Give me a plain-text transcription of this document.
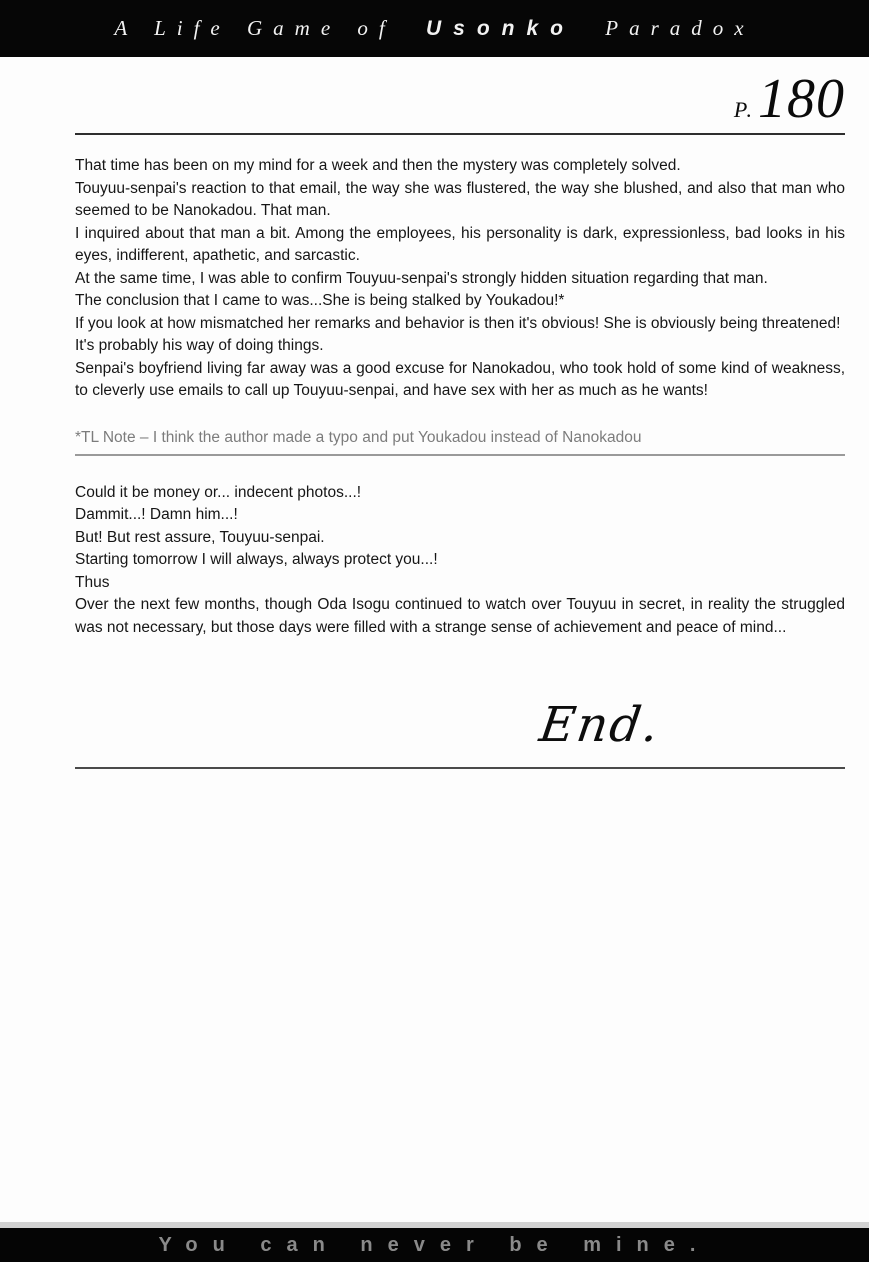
A Life Game of Usonko Paradox
P. 180

That time has been on my mind for a week and then the mystery was completely solved.

Touyuu-senpai's reaction to that email, the way she was flustered, the way she blushed, and also that man who seemed to be Nanokadou. That man.

I inquired about that man a bit. Among the employees, his personality is dark, expressionless, bad looks in his eyes, indifferent, apathetic, and sarcastic.

At the same time, I was able to confirm Touyuu-senpai's strongly hidden situation regarding that man.

The conclusion that I came to was...She is being stalked by Youkadou!*

If you look at how mismatched her remarks and behavior is then it's obvious! She is obviously being threatened!

It's probably his way of doing things.

Senpai's boyfriend living far away was a good excuse for Nanokadou, who took hold of some kind of weakness, to cleverly use emails to call up Touyuu-senpai, and have sex with her as much as he wants!

*TL Note – I think the author made a typo and put Youkadou instead of Nanokadou

Could it be money or... indecent photos...!

Dammit...! Damn him...!

But! But rest assure, Touyuu-senpai.

Starting tomorrow I will always, always protect you...!

Thus

Over the next few months, though Oda Isogu continued to watch over Touyuu in secret, in reality the struggled was not necessary, but those days were filled with a strange sense of achievement and peace of mind...

End.
You can never be mine.
